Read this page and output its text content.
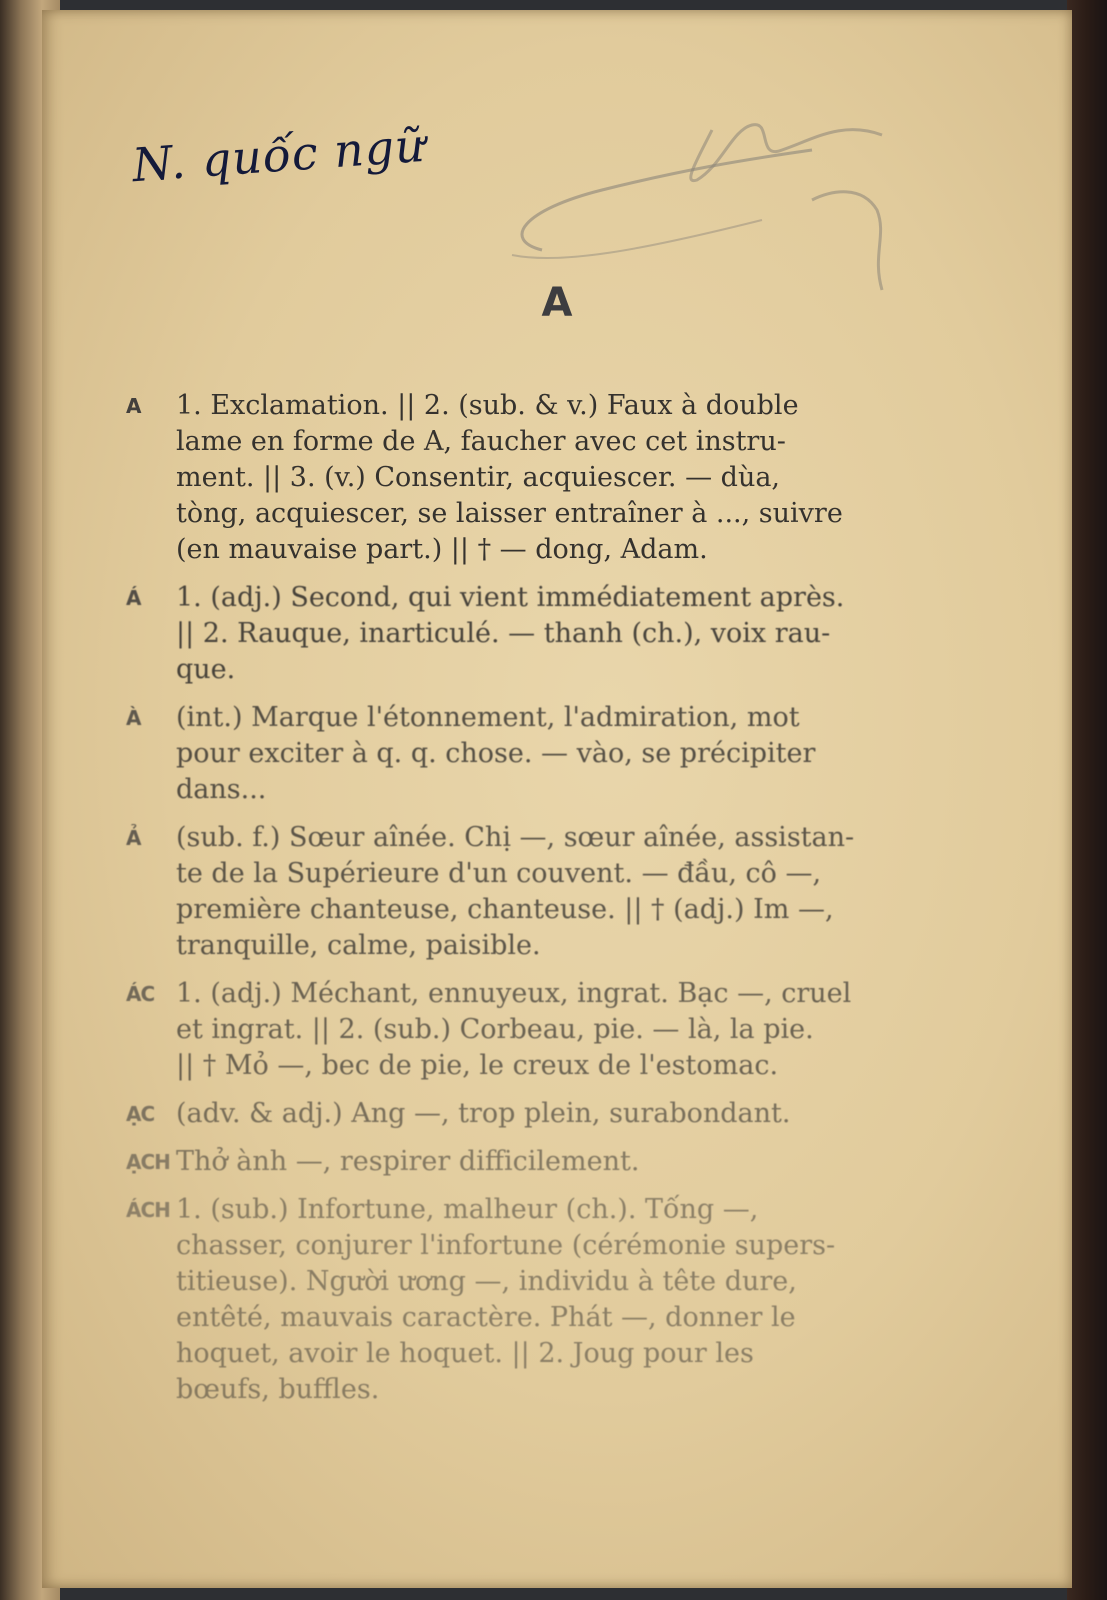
N. quốc ngữ
A
A 1. Exclamation. || 2. (sub. & v.) Faux à double
lame en forme de A, faucher avec cet instru-
ment. || 3. (v.) Consentir, acquiescer. — dùa,
tòng, acquiescer, se laisser entraîner à ..., suivre
(en mauvaise part.) || † — dong, Adam.
Á 1. (adj.) Second, qui vient immédiatement après.
|| 2. Rauque, inarticulé. — thanh (ch.), voix rau-
que.
À (int.) Marque l'étonnement, l'admiration, mot
pour exciter à q. q. chose. — vào, se précipiter
dans...
Ả (sub. f.) Sœur aînée. Chị —, sœur aînée, assistan-
te de la Supérieure d'un couvent. — đầu, cô —,
première chanteuse, chanteuse. || † (adj.) Im —,
tranquille, calme, paisible.
ÁC 1. (adj.) Méchant, ennuyeux, ingrat. Bạc —, cruel
et ingrat. || 2. (sub.) Corbeau, pie. — là, la pie.
|| † Mỏ —, bec de pie, le creux de l'estomac.
ẠC (adv. & adj.) Ang —, trop plein, surabondant.
ẠCH Thở ành —, respirer difficilement.
ÁCH 1. (sub.) Infortune, malheur (ch.). Tống —,
chasser, conjurer l'infortune (cérémonie supers-
titieuse). Người ương —, individu à tête dure,
entêté, mauvais caractère. Phát —, donner le
hoquet, avoir le hoquet. || 2. Joug pour les
bœufs, buffles.
